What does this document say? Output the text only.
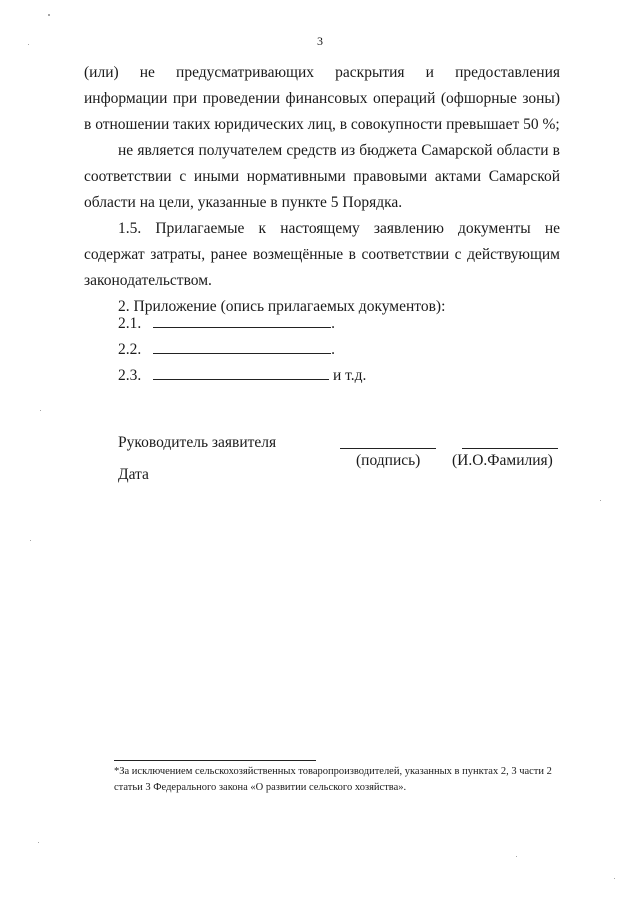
3

(или) не предусматривающих раскрытия и предоставления информации при проведении финансовых операций (офшорные зоны) в отношении таких юридических лиц, в совокупности превышает 50 %;

не является получателем средств из бюджета Самарской области в соответствии с иными нормативными правовыми актами Самарской области на цели, указанные в пункте 5 Порядка.

1.5. Прилагаемые к настоящему заявлению документы не содержат затраты, ранее возмещённые в соответствии с действующим законодательством.

2. Приложение (опись прилагаемых документов):

2.1.	.
2.2.	.
2.3.	и т.д.
Руководитель заявителя
(подпись) (И.О.Фамилия)
Дата
*За исключением сельскохозяйственных товаропроизводителей, указанных в пунктах 2, 3 части 2 статьи 3 Федерального закона «О развитии сельского хозяйства».
